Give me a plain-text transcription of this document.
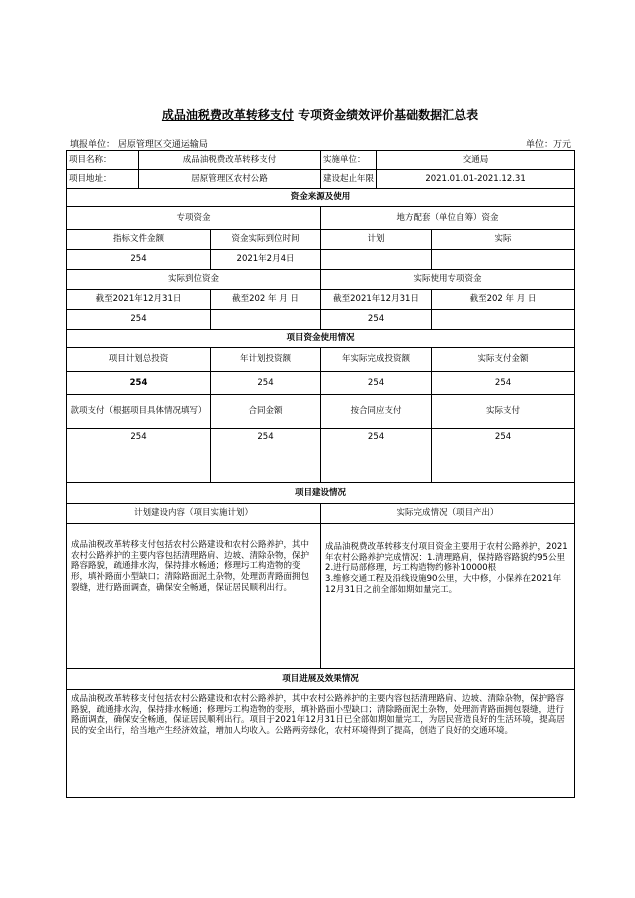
成品油税费改革转移支付 专项资金绩效评价基础数据汇总表
填报单位： 居原管理区交通运输局	单位：万元
项目名称：	成品油税费改革转移支付		实施单位：	交通局	
项目地址：	居原管理区农村公路		建设起止年限	2021.01.01-2021.12.31	
资金来源及使用					
专项资金			地方配套（单位自筹）资金		
指标文件金额		资金实际到位时间	计划		实际
254		2021年2月4日			
实际到位资金			实际使用专项资金		
截至2021年12月31日		截至202 年 月 日	截至2021年12月31日		截至202 年 月 日
254			254		
项目资金使用情况					
项目计划总投资		年计划投资额	年实际完成投资额		实际支付金额
254		254	254		254
款项支付（根据项目具体情况填写）		合同金额	按合同应支付		实际支付
254		254	254		254
项目建设情况					
计划建设内容（项目实施计划）			实际完成情况（项目产出）		
成品油税改革转移支付包括农村公路建设和农村公路养护，其中农村公路养护的主要内容包括清理路肩、边坡、清除杂物，保护路容路貌，疏通排水沟，保持排水畅通；修理圬工构造物的变形，填补路面小型缺口；清除路面泥土杂物，处理沥青路面拥包裂缝，进行路面调查，确保安全畅通，保证居民顺利出行。			成品油税费改革转移支付项目资金主要用于农村公路养护，2021年农村公路养护完成情况：1.清理路肩，保持路容路貌约95公里
2.进行局部修理，圬工构造物约修补10000根
3.维修交通工程及沿线设施90公里，大中修，小保养在2021年12月31日之前全部如期如量完工。		
项目进展及效果情况					
成品油税改革转移支付包括农村公路建设和农村公路养护，其中农村公路养护的主要内容包括清理路肩、边坡、清除杂物，保护路容路貌，疏通排水沟，保持排水畅通；修理圬工构造物的变形，填补路面小型缺口；清除路面泥土杂物，处理沥青路面拥包裂缝，进行路面调查，确保安全畅通，保证居民顺利出行。项目于2021年12月31日已全部如期如量完工，为居民营造良好的生活环境，提高居民的安全出行，给当地产生经济效益，增加人均收入。公路两旁绿化，农村环境得到了提高，创造了良好的交通环境。					
